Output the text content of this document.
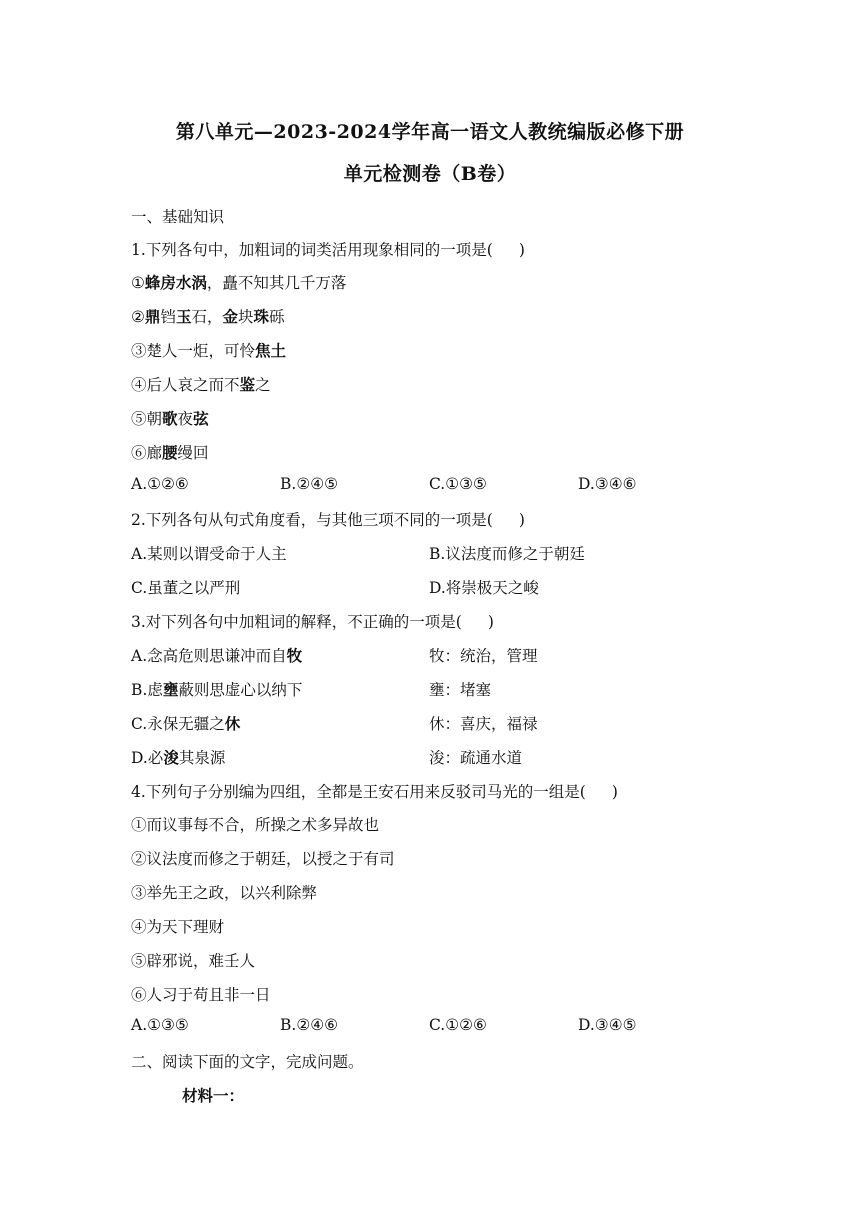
第八单元—2023-2024学年高一语文人教统编版必修下册
单元检测卷（B卷）
一、基础知识
1.下列各句中，加粗词的词类活用现象相同的一项是( )
①蜂房水涡，矗不知其几千万落
②鼎铛玉石，金块珠砾
③楚人一炬，可怜焦土
④后人哀之而不鉴之
⑤朝歌夜弦
⑥廊腰缦回
A.①②⑥	B.②④⑤	C.①③⑤	D.③④⑥
2.下列各句从句式角度看，与其他三项不同的一项是( )
A.某则以谓受命于人主	B.议法度而修之于朝廷
C.虽董之以严刑	D.将崇极天之峻
3.对下列各句中加粗词的解释，不正确的一项是( )
A.念高危则思谦冲而自牧	牧：统治，管理
B.虑壅蔽则思虚心以纳下	壅：堵塞
C.永保无疆之休	休：喜庆，福禄
D.必浚其泉源	浚：疏通水道
4.下列句子分别编为四组，全都是王安石用来反驳司马光的一组是( )
①而议事每不合，所操之术多异故也
②议法度而修之于朝廷，以授之于有司
③举先王之政，以兴利除弊
④为天下理财
⑤辟邪说，难壬人
⑥人习于苟且非一日
A.①③⑤	B.②④⑥	C.①②⑥	D.③④⑤
二、阅读下面的文字，完成问题。
材料一：
